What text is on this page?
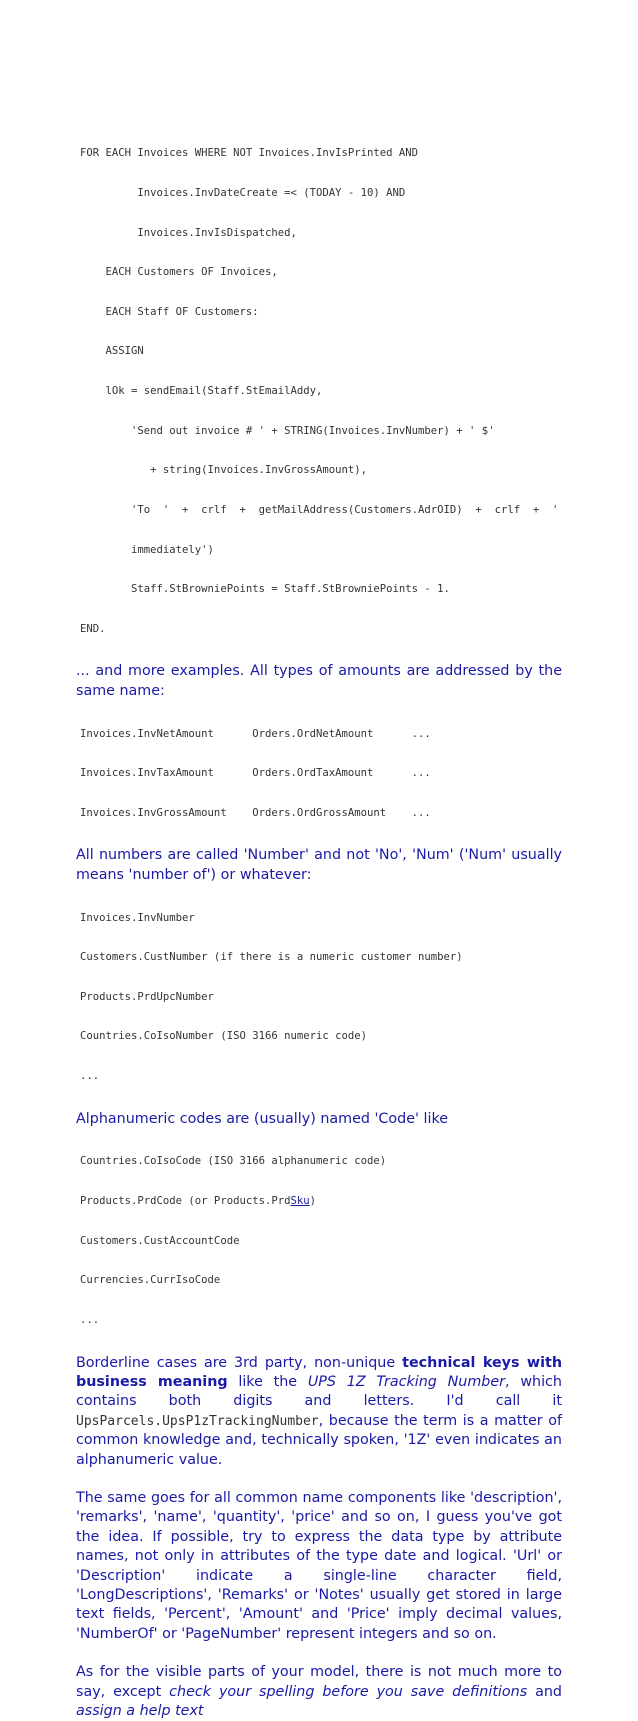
FOR EACH Invoices WHERE NOT Invoices.InvIsPrinted AND

Invoices.InvDateCreate =< (TODAY - 10) AND

Invoices.InvIsDispatched,

EACH Customers OF Invoices,

EACH Staff OF Customers:

ASSIGN

lOk = sendEmail(Staff.StEmailAddy,

'Send out invoice # ' + STRING(Invoices.InvNumber) + ' $'

+ string(Invoices.InvGrossAmount),

'To  '  +  crlf  +  getMailAddress(Customers.AdrOID)  +  crlf  +  '

immediately')

Staff.StBrowniePoints = Staff.StBrowniePoints - 1.

END.

... and more examples. All types of amounts are addressed by the same name:

Invoices.InvNetAmount      Orders.OrdNetAmount      ...

Invoices.InvTaxAmount      Orders.OrdTaxAmount      ...

Invoices.InvGrossAmount    Orders.OrdGrossAmount    ...

All numbers are called 'Number' and not 'No', 'Num' ('Num' usually means 'number of') or whatever:

Invoices.InvNumber

Customers.CustNumber (if there is a numeric customer number)

Products.PrdUpcNumber

Countries.CoIsoNumber (ISO 3166 numeric code)

...

Alphanumeric codes are (usually) named 'Code' like

Countries.CoIsoCode (ISO 3166 alphanumeric code)

Products.PrdCode (or Products.PrdSku)

Customers.CustAccountCode

Currencies.CurrIsoCode

...

Borderline cases are 3rd party, non-unique technical keys with business meaning like the UPS 1Z Tracking Number, which contains both digits and letters. I'd call it UpsParcels.UpsP1zTrackingNumber, because the term is a matter of common knowledge and, technically spoken, '1Z' even indicates an alphanumeric value.

The same goes for all common name components like 'description', 'remarks', 'name', 'quantity', 'price' and so on, I guess you've got the idea. If possible, try to express the data type by attribute names, not only in attributes of the type date and logical. 'Url' or 'Description' indicate a single-line character field, 'LongDescriptions', 'Remarks' or 'Notes' usually get stored in large text fields, 'Percent', 'Amount' and 'Price' imply decimal values, 'NumberOf' or 'PageNumber' represent integers and so on.

As for the visible parts of your model, there is not much more to say, except check your spelling before you save definitions and assign a help text
